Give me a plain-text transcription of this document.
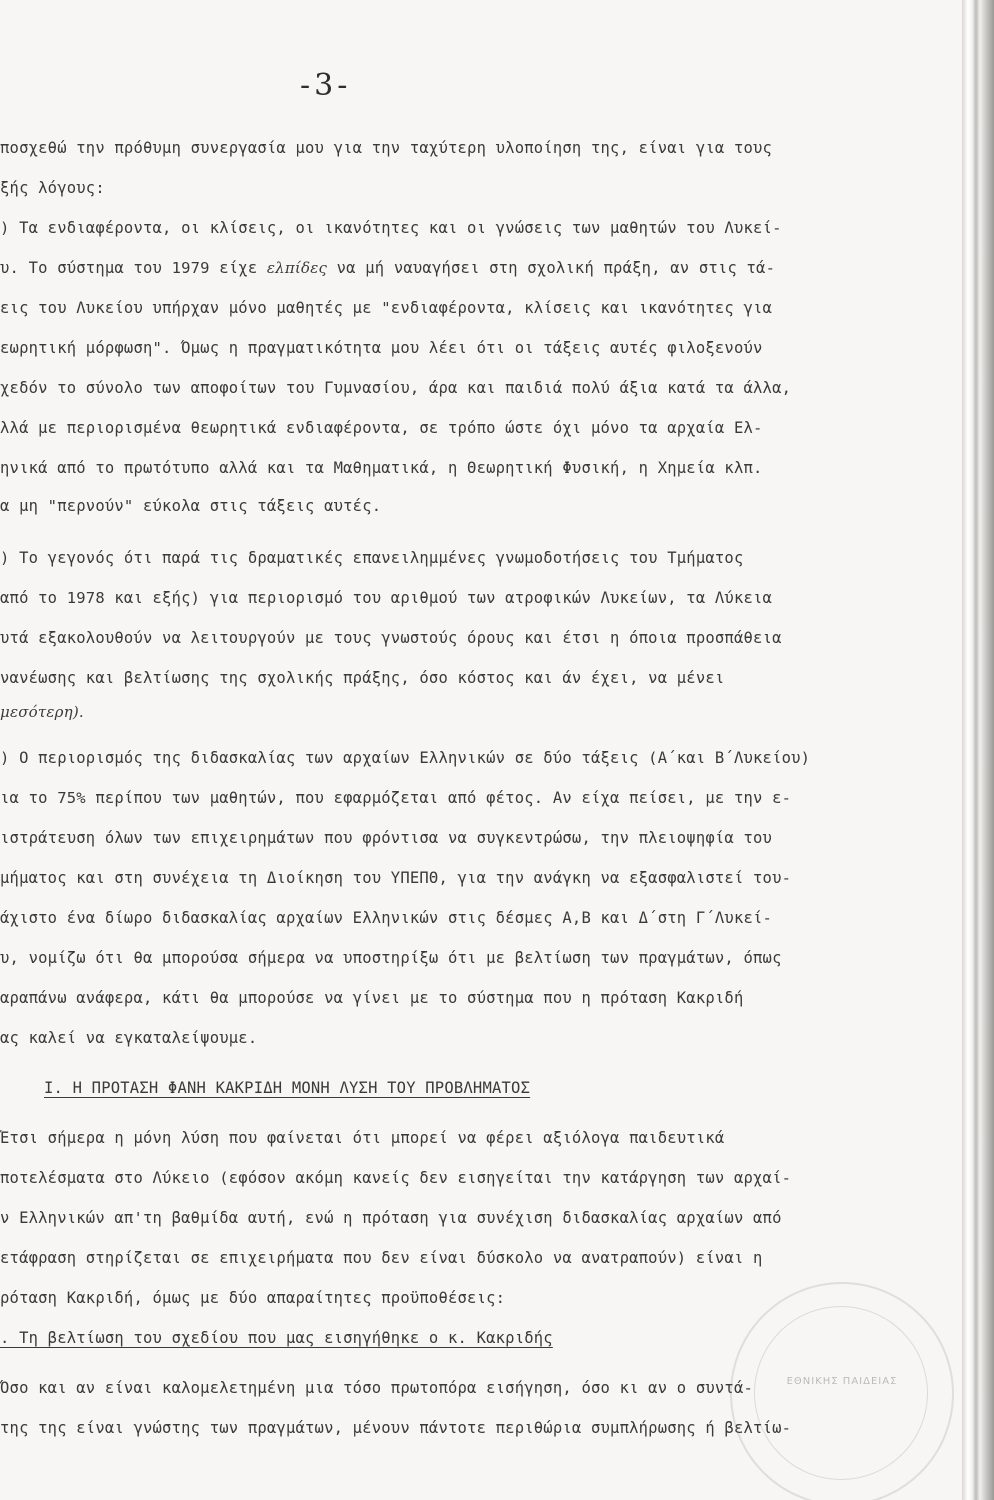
-3-
ποσχεθώ την πρόθυμη συνεργασία μου για την ταχύτερη υλοποίηση της, είναι για τους
ξής λόγους:
) Τα ενδιαφέροντα, οι κλίσεις, οι ικανότητες και οι γνώσεις των μαθητών του Λυκεί-
υ. Το σύστημα του 1979 είχε ελπίδες να μή ναυαγήσει στη σχολική πράξη, αν στις τά-
εις του Λυκείου υπήρχαν μόνο μαθητές με "ενδιαφέροντα, κλίσεις και ικανότητες για
εωρητική μόρφωση". Όμως η πραγματικότητα μου λέει ότι οι τάξεις αυτές φιλοξενούν
χεδόν το σύνολο των αποφοίτων του Γυμνασίου, άρα και παιδιά πολύ άξια κατά τα άλλα,
λλά με περιορισμένα θεωρητικά ενδιαφέροντα, σε τρόπο ώστε όχι μόνο τα αρχαία Ελ-
ηνικά από το πρωτότυπο αλλά και τα Μαθηματικά, η Θεωρητική Φυσική, η Χημεία κλπ.
α μη "περνούν" εύκολα στις τάξεις αυτές.
) Το γεγονός ότι παρά τις δραματικές επανειλημμένες γνωμοδοτήσεις του Τμήματος
από το 1978 και εξής) για περιορισμό του αριθμού των ατροφικών Λυκείων, τα Λύκεια
υτά εξακολουθούν να λειτουργούν με τους γνωστούς όρους και έτσι η όποια προσπάθεια
νανέωσης και βελτίωσης της σχολικής πράξης, όσο κόστος και άν έχει, να μένει
μεσότερη).
) Ο περιορισμός της διδασκαλίας των αρχαίων Ελληνικών σε δύο τάξεις (Α΄και Β΄Λυκείου)
ια το 75% περίπου των μαθητών, που εφαρμόζεται από φέτος. Αν είχα πείσει, με την ε-
ιστράτευση όλων των επιχειρημάτων που φρόντισα να συγκεντρώσω, την πλειοψηφία του
μήματος και στη συνέχεια τη Διοίκηση του ΥΠΕΠΘ, για την ανάγκη να εξασφαλιστεί του-
άχιστο ένα δίωρο διδασκαλίας αρχαίων Ελληνικών στις δέσμες Α,Β και Δ΄στη Γ΄Λυκεί-
υ, νομίζω ότι θα μπορούσα σήμερα να υποστηρίξω ότι με βελτίωση των πραγμάτων, όπως
αραπάνω ανάφερα, κάτι θα μπορούσε να γίνει με το σύστημα που η πρόταση Κακριδή
ας καλεί να εγκαταλείψουμε.
Ι. Η ΠΡΟΤΑΣΗ ΦΑΝΗ ΚΑΚΡΙΔΗ ΜΟΝΗ ΛΥΣΗ ΤΟΥ ΠΡΟΒΛΗΜΑΤΟΣ
Έτσι σήμερα η μόνη λύση που φαίνεται ότι μπορεί να φέρει αξιόλογα παιδευτικά
ποτελέσματα στο Λύκειο (εφόσον ακόμη κανείς δεν εισηγείται την κατάργηση των αρχαί-
ν Ελληνικών απ'τη βαθμίδα αυτή, ενώ η πρόταση για συνέχιση διδασκαλίας αρχαίων από
ετάφραση στηρίζεται σε επιχειρήματα που δεν είναι δύσκολο να ανατραπούν) είναι η
ρόταση Κακριδή, όμως με δύο απαραίτητες προϋποθέσεις:
. Τη βελτίωση του σχεδίου που μας εισηγήθηκε ο κ. Κακριδής
Όσο και αν είναι καλομελετημένη μια τόσο πρωτοπόρα εισήγηση, όσο κι αν ο συντά-
της της είναι γνώστης των πραγμάτων, μένουν πάντοτε περιθώρια συμπλήρωσης ή βελτίω-
ΕΘΝΙΚΗΣ ΠΑΙΔΕΙΑΣ
